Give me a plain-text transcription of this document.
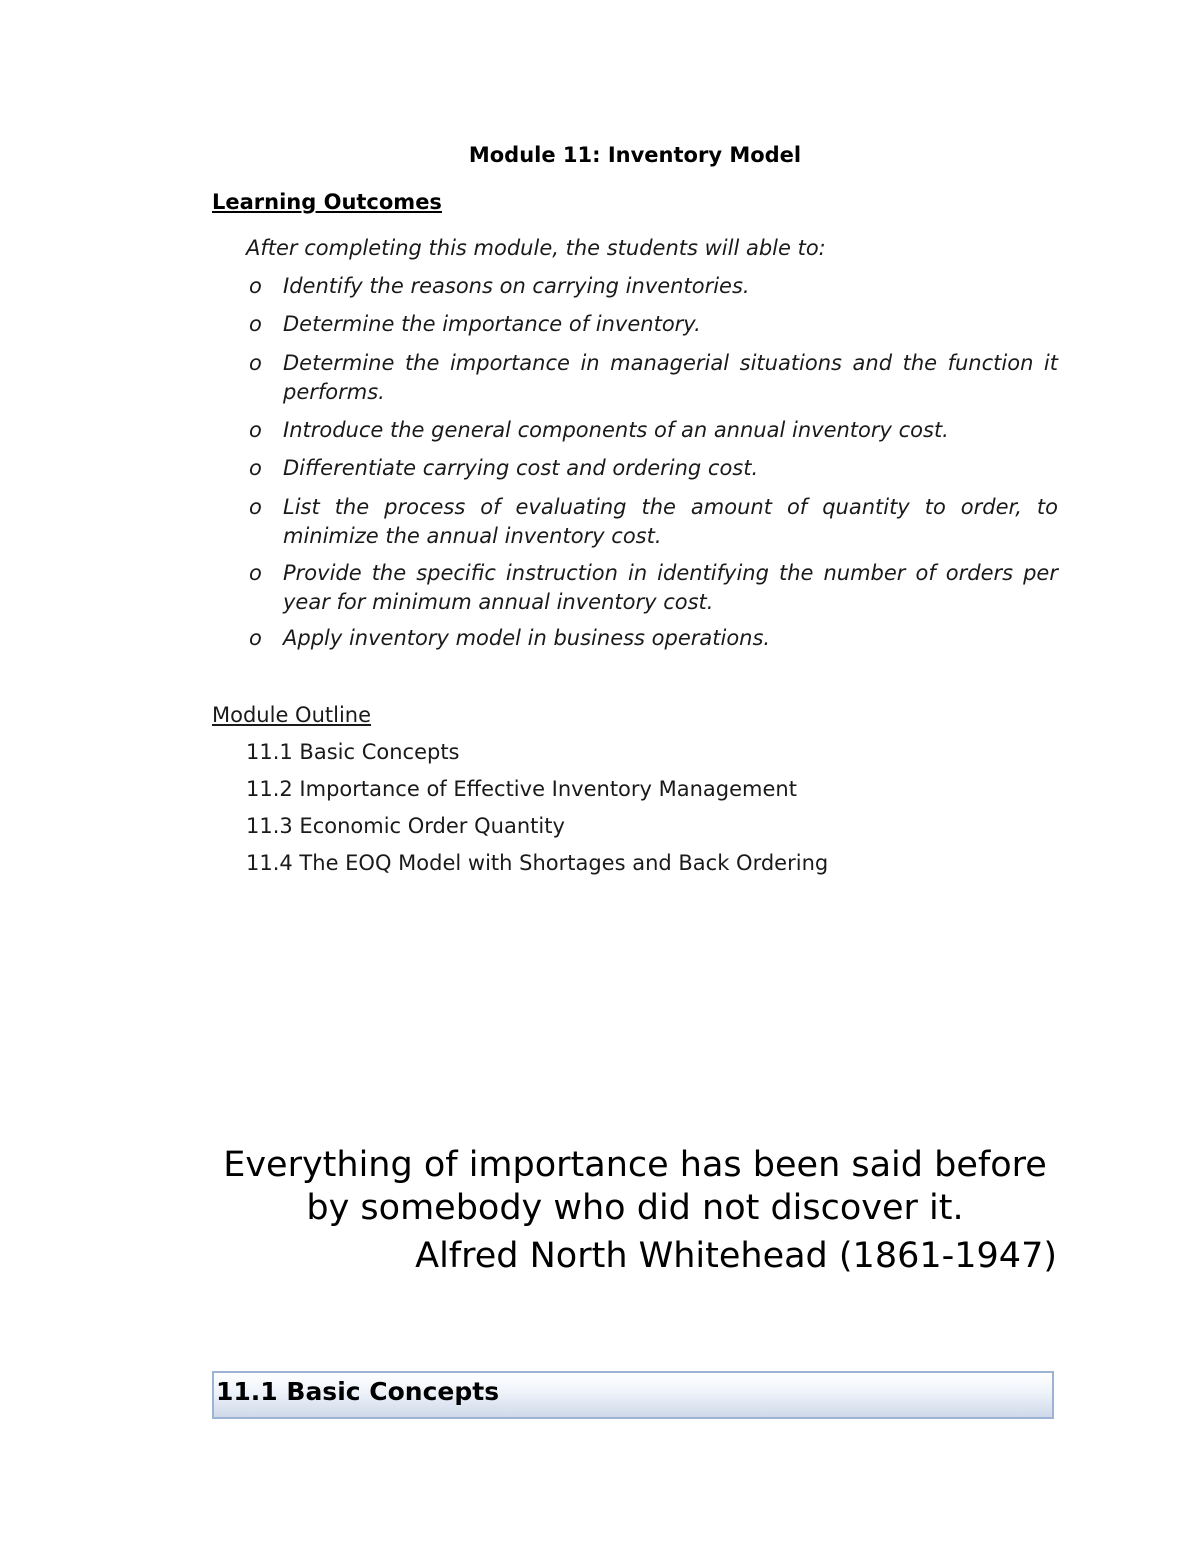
Module 11: Inventory Model
Learning Outcomes
After completing this module, the students will able to:
o Identify the reasons on carrying inventories.
o Determine the importance of inventory.
o Determine the importance in managerial situations and the function it performs.
o Introduce the general components of an annual inventory cost.
o Differentiate carrying cost and ordering cost.
o List the process of evaluating the amount of quantity to order, to minimize the annual inventory cost.
o Provide the specific instruction in identifying the number of orders per year for minimum annual inventory cost.
o Apply inventory model in business operations.
Module Outline
11.1 Basic Concepts
11.2 Importance of Effective Inventory Management
11.3 Economic Order Quantity
11.4 The EOQ Model with Shortages and Back Ordering
Everything of importance has been said before
by somebody who did not discover it.
Alfred North Whitehead (1861-1947)
11.1 Basic Concepts
